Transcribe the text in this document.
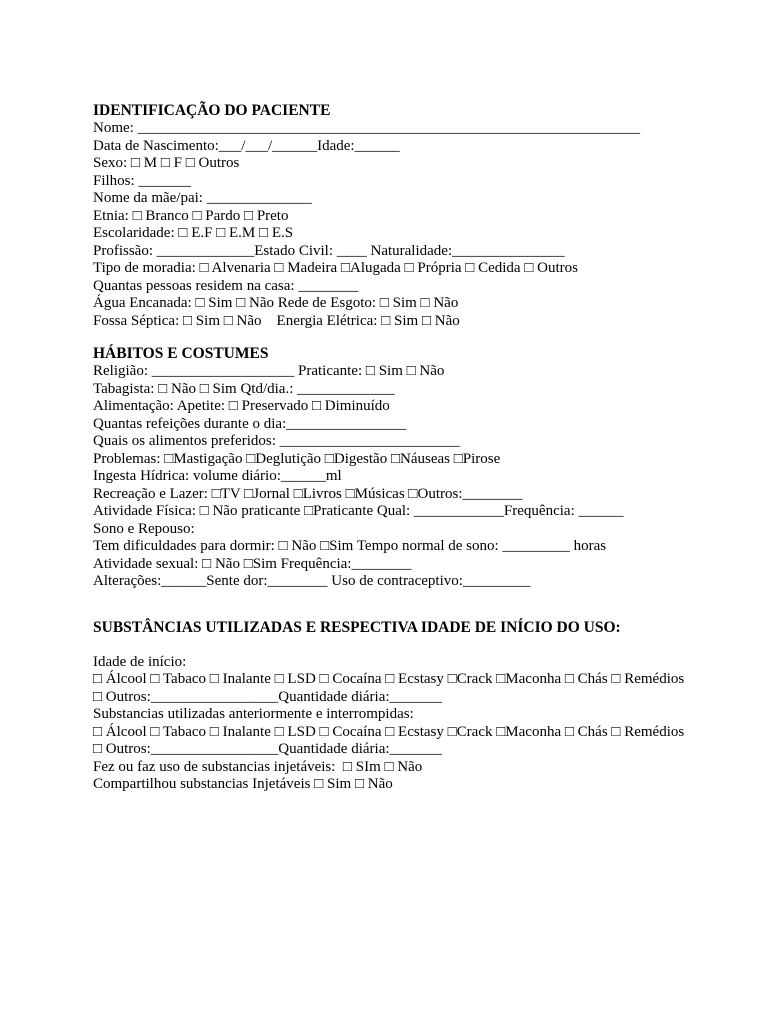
IDENTIFICAÇÃO DO PACIENTE
Nome: ___________________________________________________________________
Data de Nascimento:___/___/______Idade:______
Sexo: □ M □ F □ Outros
Filhos: _______
Nome da mãe/pai: ______________
Etnia: □ Branco □ Pardo □ Preto
Escolaridade: □ E.F □ E.M □ E.S
Profissão: _____________Estado Civil: ____ Naturalidade:_______________
Tipo de moradia: □ Alvenaria □ Madeira □Alugada □ Própria □ Cedida □ Outros
Quantas pessoas residem na casa: ________
Água Encanada: □ Sim □ Não Rede de Esgoto: □ Sim □ Não
Fossa Séptica: □ Sim □ Não    Energia Elétrica: □ Sim □ Não
HÁBITOS E COSTUMES
Religião: ___________________ Praticante: □ Sim □ Não
Tabagista: □ Não □ Sim Qtd/dia.: _____________
Alimentação: Apetite: □ Preservado □ Diminuído
Quantas refeições durante o dia:________________
Quais os alimentos preferidos: ________________________
Problemas: □Mastigação □Deglutição □Digestão □Náuseas □Pirose
Ingesta Hídrica: volume diário:______ml
Recreação e Lazer: □TV □Jornal □Livros □Músicas □Outros:________
Atividade Física: □ Não praticante □Praticante Qual: ____________Frequência: ______
Sono e Repouso:
Tem dificuldades para dormir: □ Não □Sim Tempo normal de sono: _________ horas
Atividade sexual: □ Não □Sim Frequência:________
Alterações:______Sente dor:________ Uso de contraceptivo:_________
SUBSTÂNCIAS UTILIZADAS E RESPECTIVA IDADE DE INÍCIO DO USO:
Idade de início:
□ Álcool □ Tabaco □ Inalante □ LSD □ Cocaína □ Ecstasy □Crack □Maconha □ Chás □ Remédios
□ Outros:_________________Quantidade diária:_______
Substancias utilizadas anteriormente e interrompidas:
□ Álcool □ Tabaco □ Inalante □ LSD □ Cocaína □ Ecstasy □Crack □Maconha □ Chás □ Remédios
□ Outros:_________________Quantidade diária:_______
Fez ou faz uso de substancias injetáveis:  □ SIm □ Não
Compartilhou substancias Injetáveis □ Sim □ Não
